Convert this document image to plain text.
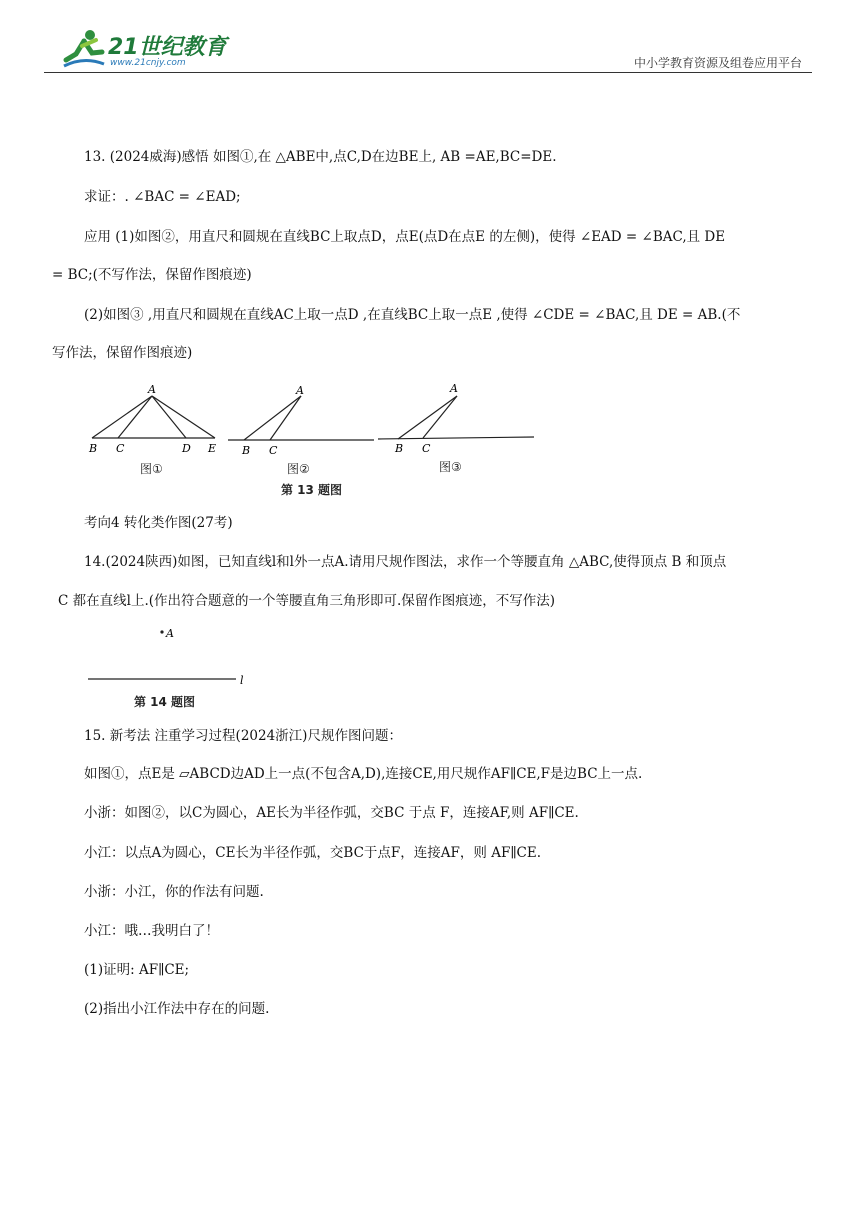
21世纪教育
www.21cnjy.com	中小学教育资源及组卷应用平台
13. (2024威海)感悟 如图①,在 △ABE中,点C,D在边BE上, AB =AE,BC=DE.
求证：. ∠BAC = ∠EAD;
应用 (1)如图②，用直尺和圆规在直线BC上取点D，点E(点D在点E 的左侧)，使得 ∠EAD = ∠BAC,且 DE
= BC;(不写作法，保留作图痕迹)
(2)如图③ ,用直尺和圆规在直线AC上取一点D ,在直线BC上取一点E ,使得 ∠CDE = ∠BAC,且 DE = AB.(不
写作法，保留作图痕迹)
A
B C	D E
A
B C
A
B C
图①	图②	图③
第 13 题图
考向4 转化类作图(27考)
14.(2024陕西)如图，已知直线l和l外一点A.请用尺规作图法，求作一个等腰直角 △ABC,使得顶点 B 和顶点
C 都在直线l上.(作出符合题意的一个等腰直角三角形即可.保留作图痕迹，不写作法)
A
l
第 14 题图
15. 新考法 注重学习过程(2024浙江)尺规作图问题：
如图①，点E是 ▱ABCD边AD上一点(不包含A,D),连接CE,用尺规作AF∥CE,F是边BC上一点.
小浙：如图②，以C为圆心，AE长为半径作弧，交BC 于点 F，连接AF,则 AF∥CE.
小江：以点A为圆心，CE长为半径作弧，交BC于点F，连接AF，则 AF∥CE.
小浙：小江，你的作法有问题.
小江：哦…我明白了！
(1)证明: AF∥CE;
(2)指出小江作法中存在的问题.
